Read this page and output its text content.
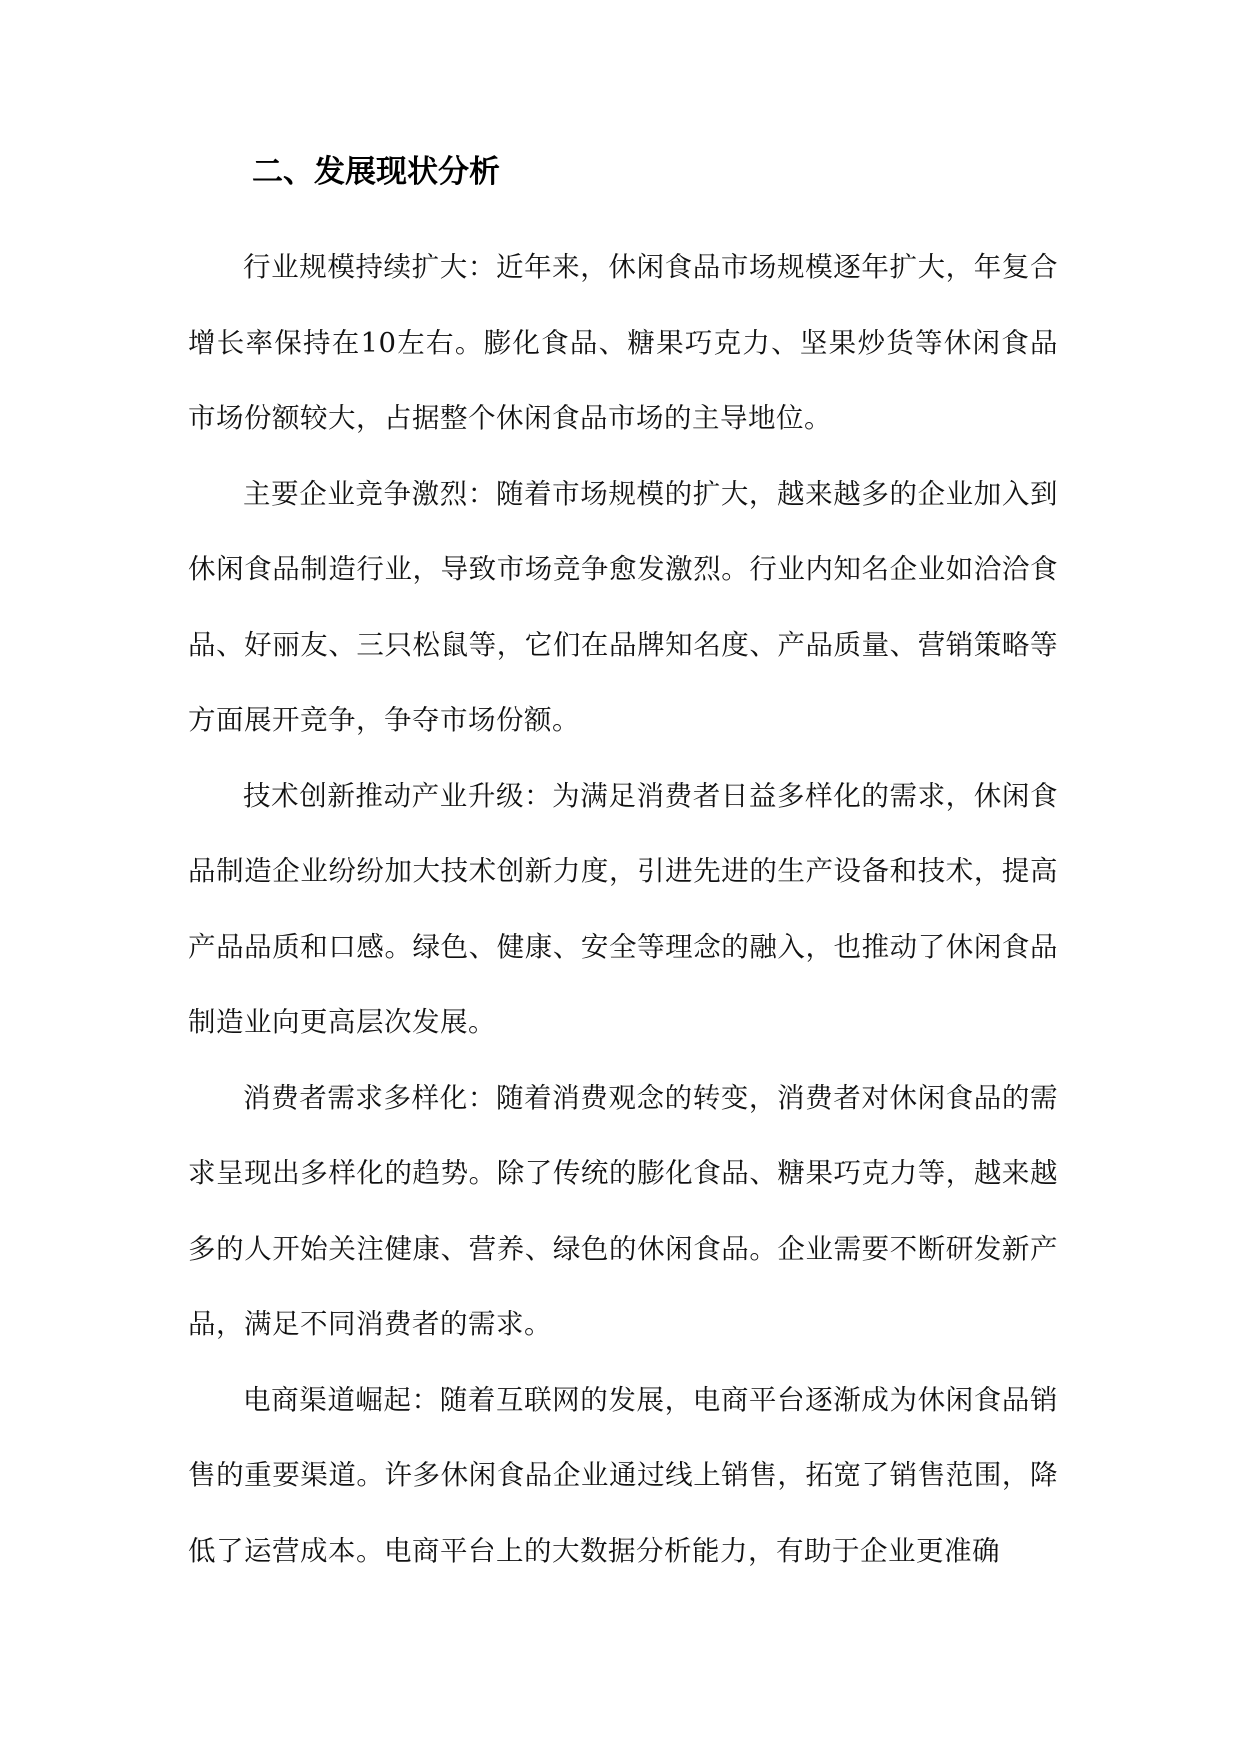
二、发展现状分析

行业规模持续扩大：近年来，休闲食品市场规模逐年扩大，年复合增长率保持在10左右。膨化食品、糖果巧克力、坚果炒货等休闲食品市场份额较大，占据整个休闲食品市场的主导地位。

主要企业竞争激烈：随着市场规模的扩大，越来越多的企业加入到休闲食品制造行业，导致市场竞争愈发激烈。行业内知名企业如洽洽食品、好丽友、三只松鼠等，它们在品牌知名度、产品质量、营销策略等方面展开竞争，争夺市场份额。

技术创新推动产业升级：为满足消费者日益多样化的需求，休闲食品制造企业纷纷加大技术创新力度，引进先进的生产设备和技术，提高产品品质和口感。绿色、健康、安全等理念的融入，也推动了休闲食品制造业向更高层次发展。

消费者需求多样化：随着消费观念的转变，消费者对休闲食品的需求呈现出多样化的趋势。除了传统的膨化食品、糖果巧克力等，越来越多的人开始关注健康、营养、绿色的休闲食品。企业需要不断研发新产品，满足不同消费者的需求。

电商渠道崛起：随着互联网的发展，电商平台逐渐成为休闲食品销售的重要渠道。许多休闲食品企业通过线上销售，拓宽了销售范围，降低了运营成本。电商平台上的大数据分析能力，有助于企业更准确
